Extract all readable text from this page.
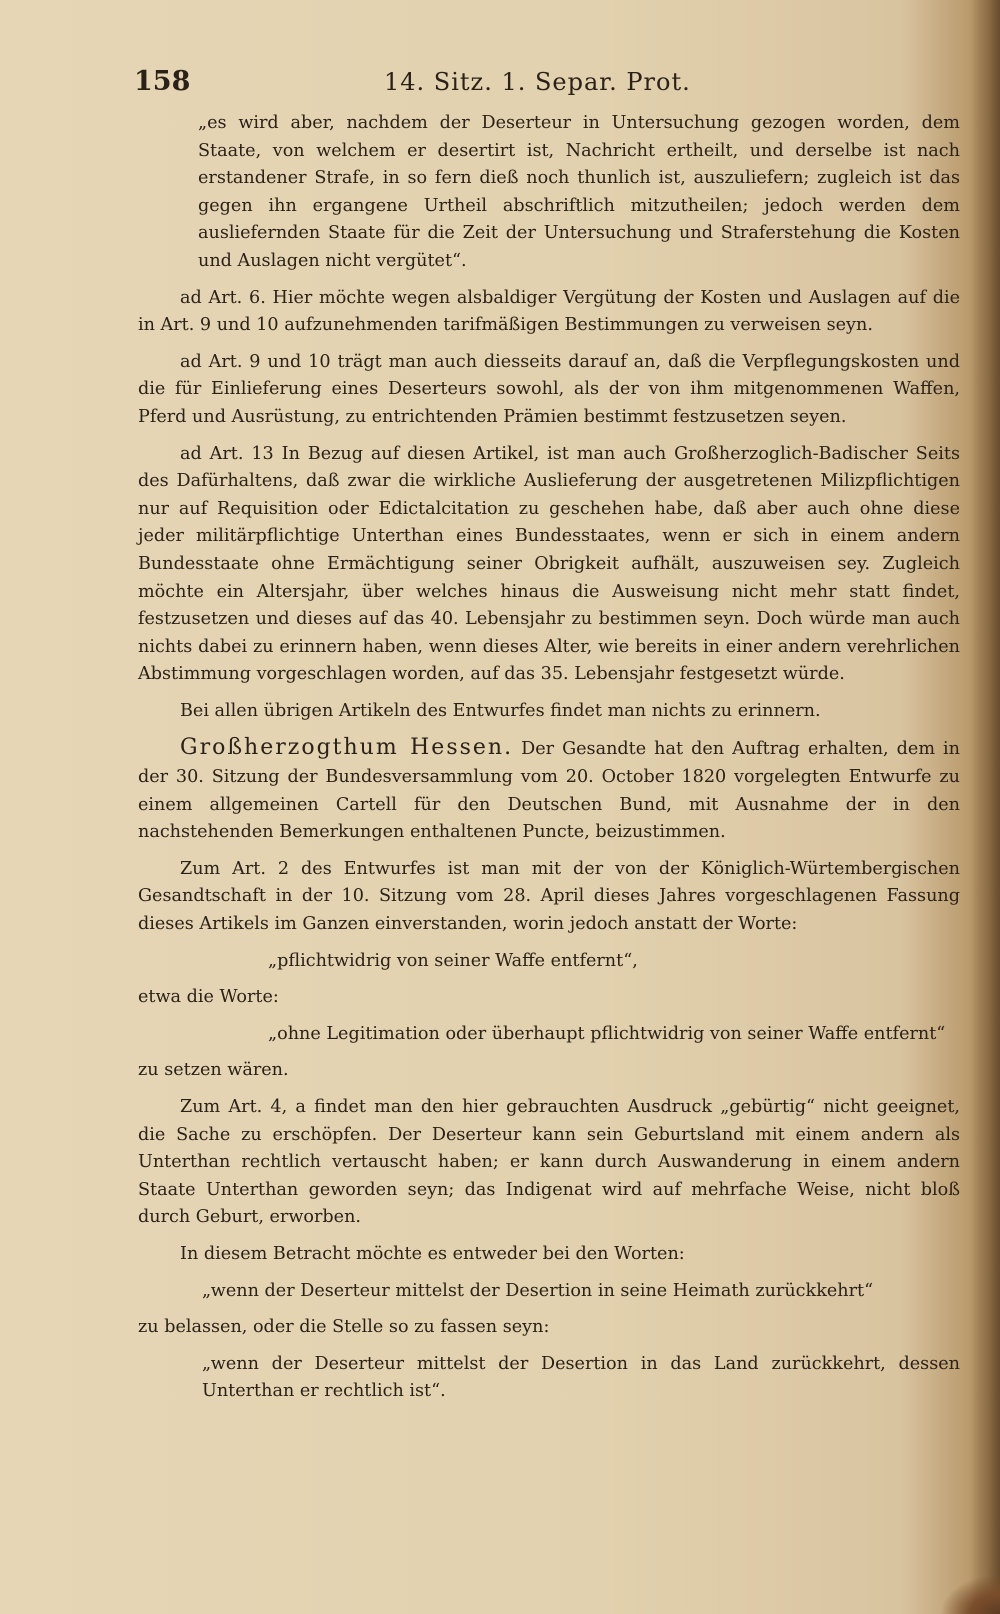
158	14. Sitz. 1. Separ. Prot.

„es wird aber, nachdem der Deserteur in Untersuchung gezogen worden, dem Staate, von welchem er desertirt ist, Nachricht ertheilt, und derselbe ist nach erstandener Strafe, in so fern dieß noch thunlich ist, auszuliefern; zugleich ist das gegen ihn ergangene Urtheil abschriftlich mitzutheilen; jedoch werden dem ausliefernden Staate für die Zeit der Untersuchung und Straferstehung die Kosten und Auslagen nicht vergütet“.

ad Art. 6. Hier möchte wegen alsbaldiger Vergütung der Kosten und Auslagen auf die in Art. 9 und 10 aufzunehmenden tarifmäßigen Bestimmungen zu verweisen seyn.

ad Art. 9 und 10 trägt man auch diesseits darauf an, daß die Verpflegungskosten und die für Einlieferung eines Deserteurs sowohl, als der von ihm mitgenommenen Waffen, Pferd und Ausrüstung, zu entrichtenden Prämien bestimmt festzusetzen seyen.

ad Art. 13 In Bezug auf diesen Artikel, ist man auch Großherzoglich-Badischer Seits des Dafürhaltens, daß zwar die wirkliche Auslieferung der ausgetretenen Milizpflichtigen nur auf Requisition oder Edictalcitation zu geschehen habe, daß aber auch ohne diese jeder militärpflichtige Unterthan eines Bundesstaates, wenn er sich in einem andern Bundesstaate ohne Ermächtigung seiner Obrigkeit aufhält, auszuweisen sey. Zugleich möchte ein Altersjahr, über welches hinaus die Ausweisung nicht mehr statt findet, festzusetzen und dieses auf das 40. Lebensjahr zu bestimmen seyn. Doch würde man auch nichts dabei zu erinnern haben, wenn dieses Alter, wie bereits in einer andern verehrlichen Abstimmung vorgeschlagen worden, auf das 35. Lebensjahr festgesetzt würde.

Bei allen übrigen Artikeln des Entwurfes findet man nichts zu erinnern.

Großherzogthum Hessen. Der Gesandte hat den Auftrag erhalten, dem in der 30. Sitzung der Bundesversammlung vom 20. October 1820 vorgelegten Entwurfe zu einem allgemeinen Cartell für den Deutschen Bund, mit Ausnahme der in den nachstehenden Bemerkungen enthaltenen Puncte, beizustimmen.

Zum Art. 2 des Entwurfes ist man mit der von der Königlich-Würtembergischen Gesandtschaft in der 10. Sitzung vom 28. April dieses Jahres vorgeschlagenen Fassung dieses Artikels im Ganzen einverstanden, worin jedoch anstatt der Worte:

„pflichtwidrig von seiner Waffe entfernt“,

etwa die Worte:

„ohne Legitimation oder überhaupt pflichtwidrig von seiner Waffe entfernt“

zu setzen wären.

Zum Art. 4, a findet man den hier gebrauchten Ausdruck „gebürtig“ nicht geeignet, die Sache zu erschöpfen. Der Deserteur kann sein Geburtsland mit einem andern als Unterthan rechtlich vertauscht haben; er kann durch Auswanderung in einem andern Staate Unterthan geworden seyn; das Indigenat wird auf mehrfache Weise, nicht bloß durch Geburt, erworben.

In diesem Betracht möchte es entweder bei den Worten:

„wenn der Deserteur mittelst der Desertion in seine Heimath zurückkehrt“

zu belassen, oder die Stelle so zu fassen seyn:

„wenn der Deserteur mittelst der Desertion in das Land zurückkehrt, dessen Unterthan er rechtlich ist“.
